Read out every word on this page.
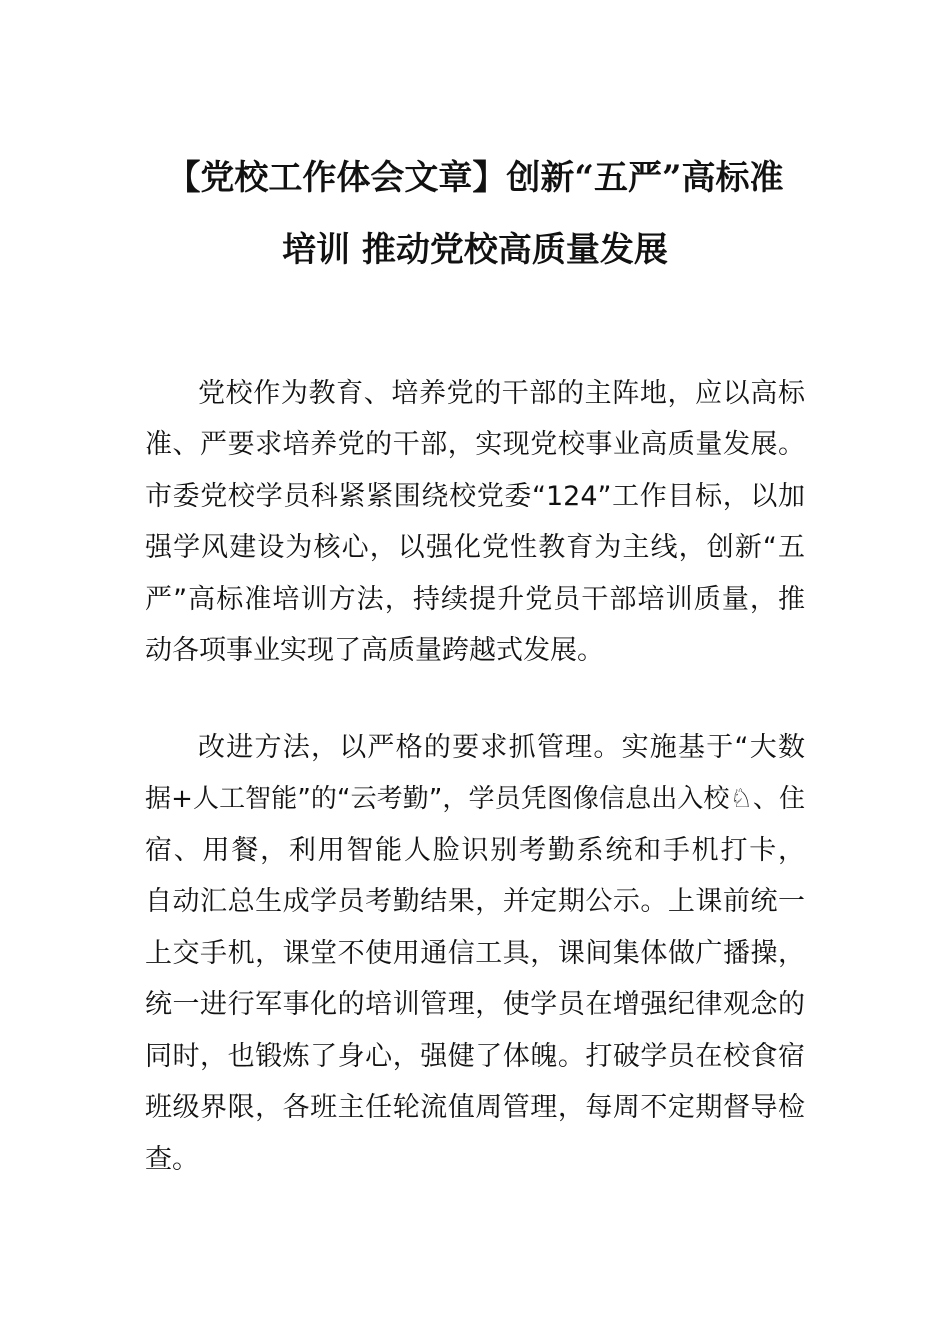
【党校工作体会文章】创新“五严”高标准
培训 推动党校高质量发展
党校作为教育、培养党的干部的主阵地，应以高标
准、严要求培养党的干部，实现党校事业高质量发展。
市委党校学员科紧紧围绕校党委“124”工作目标，以加
强学风建设为核心，以强化党性教育为主线，创新“五
严”高标准培训方法，持续提升党员干部培训质量，推
动各项事业实现了高质量跨越式发展。
改进方法，以严格的要求抓管理。实施基于“大数
据+人工智能”的“云考勤”，学员凭图像信息出入校♘、住
宿、用餐，利用智能人脸识别考勤系统和手机打卡，
自动汇总生成学员考勤结果，并定期公示。上课前统一
上交手机，课堂不使用通信工具，课间集体做广播操，
统一进行军事化的培训管理，使学员在增强纪律观念的
同时，也锻炼了身心，强健了体魄。打破学员在校食宿
班级界限，各班主任轮流值周管理，每周不定期督导检
查。
